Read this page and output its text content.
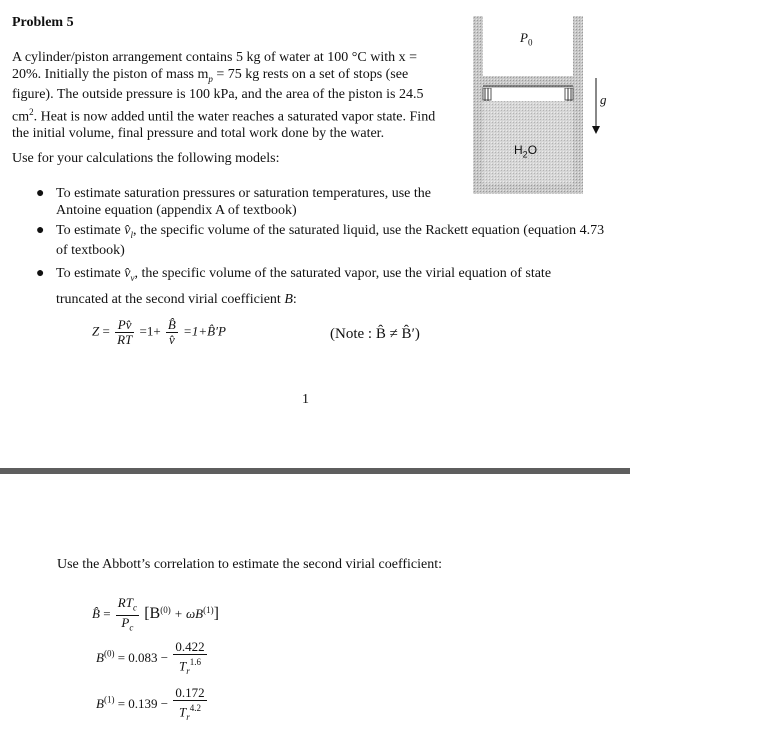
Problem 5
A cylinder/piston arrangement contains 5 kg of water at 100 °C with x =
20%. Initially the piston of mass $m_p = 75$ kg rests on a set of stops (see
figure). The outside pressure is 100 kPa, and the area of the piston is 24.5
$cm^2$. Heat is now added until the water reaches a saturated vapor state. Find
the initial volume, final pressure and total work done by the water.
$P_0$
$H_2O$
g
Use for your calculations the following models:
● To estimate saturation pressures or saturation temperatures, use the Antoine equation (appendix A of textbook)
● To estimate $v̂_l$, the specific volume of the saturated liquid, use the Rackett equation (equation 4.73 of textbook)
● To estimate $v̂_v$, the specific volume of the saturated vapor, use the virial equation of state truncated at the second virial coefficient B:
$Z = \frac{Pv̂}{RT} =1+ \frac{B̂}{v̂}$ =1+B̂′P	(Note : B̂ ≠ B̂′)
1
Use the Abbott’s correlation to estimate the second virial coefficient:
B̂ = $\frac{RT_c}{P_c} [B^{(0)} + \omega B^{(1)}]$
$B^{(0)} = 0.083 - \frac{0.422}{T_r^{1.6}}$
$B^{(1)} = 0.139 - \frac{0.172}{T_r^{4.2}}$
